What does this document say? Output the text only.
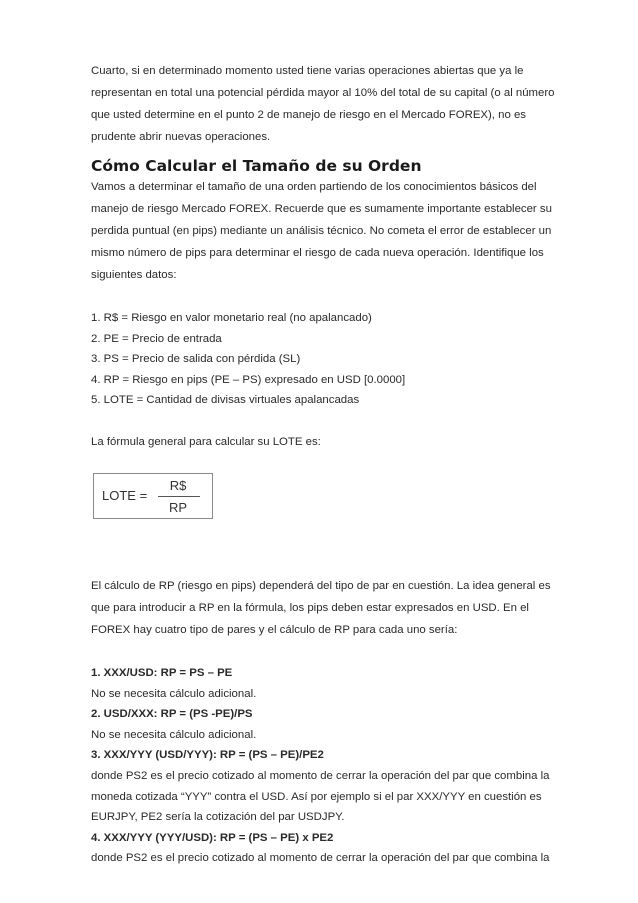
Cuarto, si en determinado momento usted tiene varias operaciones abiertas que ya le representan en total una potencial pérdida mayor al 10% del total de su capital (o al número que usted determine en el punto 2 de manejo de riesgo en el Mercado FOREX), no es prudente abrir nuevas operaciones.

Cómo Calcular el Tamaño de su Orden

Vamos a determinar el tamaño de una orden partiendo de los conocimientos básicos del manejo de riesgo Mercado FOREX. Recuerde que es sumamente importante establecer su perdida puntual (en pips) mediante un análisis técnico. No cometa el error de establecer un mismo número de pips para determinar el riesgo de cada nueva operación. Identifique los siguientes datos:

1. R$ = Riesgo en valor monetario real (no apalancado)

2. PE = Precio de entrada

3. PS = Precio de salida con pérdida (SL)

4. RP = Riesgo en pips (PE – PS) expresado en USD [0.0000]

5. LOTE = Cantidad de divisas virtuales apalancadas

La fórmula general para calcular su LOTE es:

LOTE =
R$
RP

El cálculo de RP (riesgo en pips) dependerá del tipo de par en cuestión. La idea general es que para introducir a RP en la fórmula, los pips deben estar expresados en USD. En el FOREX hay cuatro tipo de pares y el cálculo de RP para cada uno sería:

1. XXX/USD: RP = PS – PE

No se necesita cálculo adicional.

2. USD/XXX: RP = (PS -PE)/PS

No se necesita cálculo adicional.

3. XXX/YYY (USD/YYY): RP = (PS – PE)/PE2

donde PS2 es el precio cotizado al momento de cerrar la operación del par que combina la moneda cotizada “YYY” contra el USD. Así por ejemplo si el par XXX/YYY en cuestión es EURJPY, PE2 sería la cotización del par USDJPY.

4. XXX/YYY (YYY/USD): RP = (PS – PE) x PE2

donde PS2 es el precio cotizado al momento de cerrar la operación del par que combina la
